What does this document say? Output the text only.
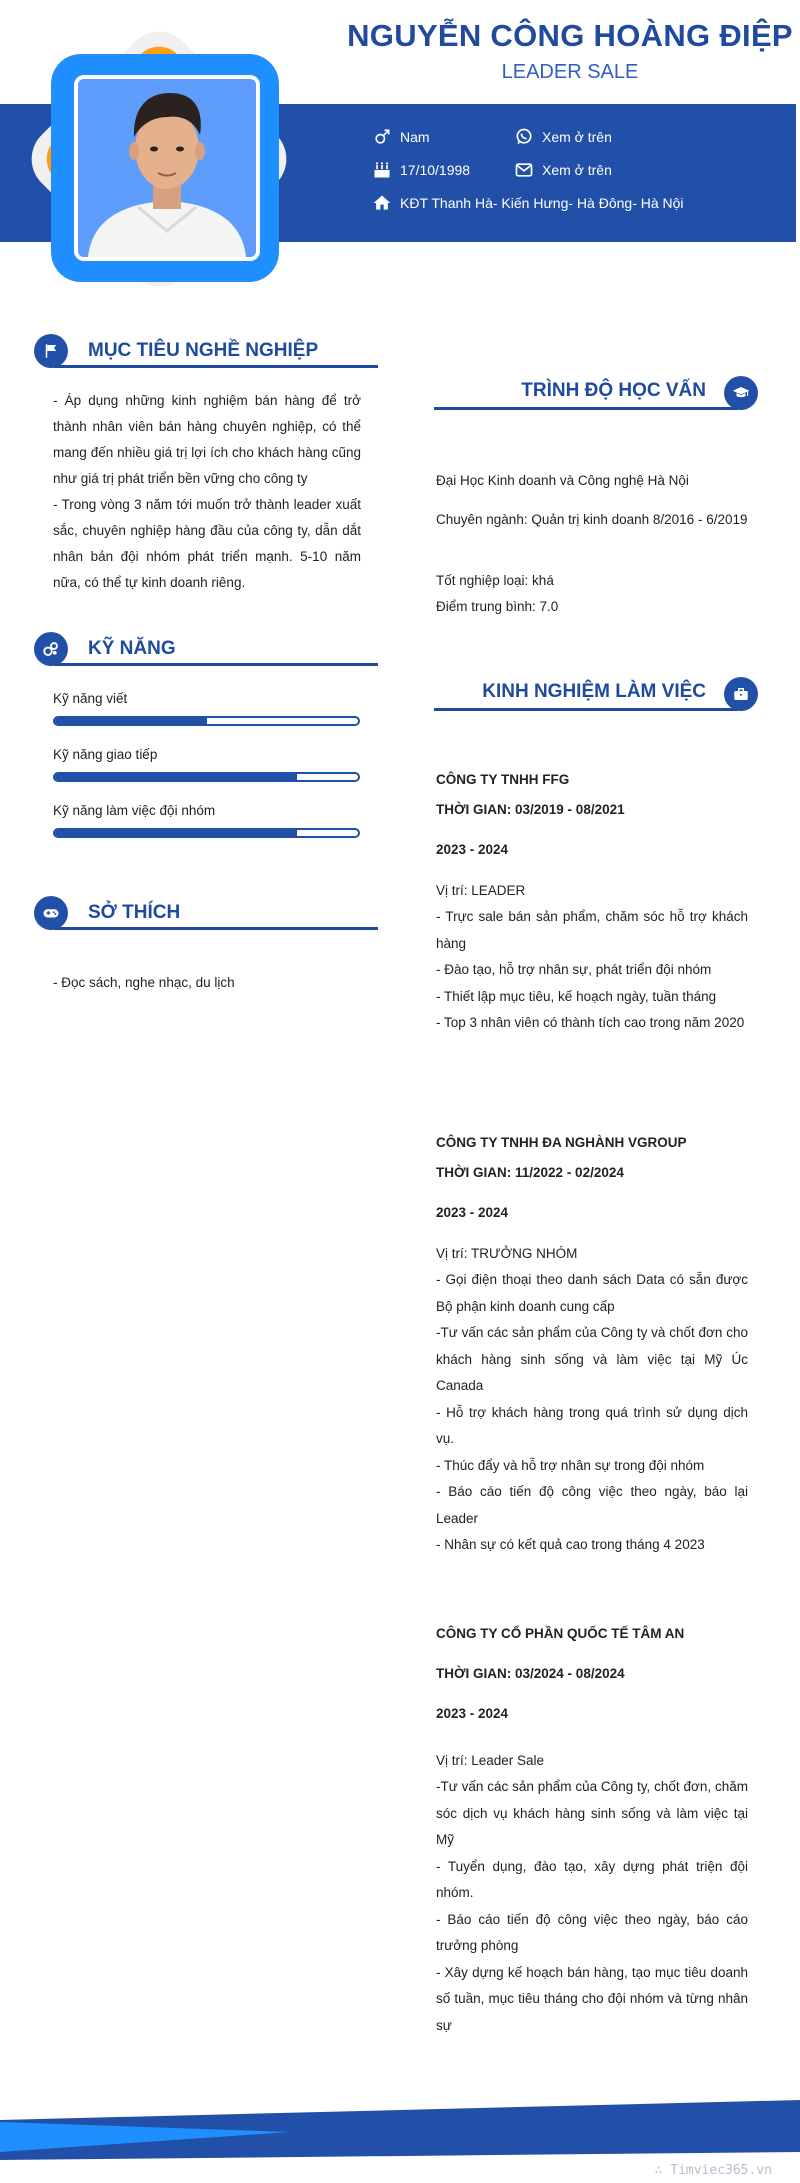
NGUYỄN CÔNG HOÀNG ĐIỆP
LEADER SALE
Nam	Xem ở trên
17/10/1998	Xem ở trên
KĐT Thanh Hà- Kiến Hưng- Hà Đông- Hà Nội
MỤC TIÊU NGHỀ NGHIỆP

- Áp dụng những kinh nghiệm bán hàng để trở thành nhân viên bán hàng chuyên nghiệp, có thể mang đến nhiều giá trị lợi ích cho khách hàng cũng như giá trị phát triển bền vững cho công ty

- Trong vòng 3 năm tới muốn trở thành leader xuất sắc, chuyên nghiệp hàng đầu của công ty, dẫn dắt nhân bản đội nhóm phát triển mạnh. 5-10 năm nữa, có thể tự kinh doanh riêng.

KỸ NĂNG
Kỹ năng viết
Kỹ năng giao tiếp
Kỹ năng làm việc đội nhóm
SỞ THÍCH
- Đọc sách, nghe nhạc, du lịch
TRÌNH ĐỘ HỌC VẤN
Đại Học Kinh doanh và Công nghệ Hà Nội
Chuyên ngành: Quản trị kinh doanh 8/2016 - 6/2019
Tốt nghiệp loại: khá
Điểm trung bình: 7.0
KINH NGHIỆM LÀM VIỆC
CÔNG TY TNHH FFG
THỜI GIAN: 03/2019 - 08/2021
2023 - 2024
Vị trí: LEADER

- Trực sale bán sản phẩm, chăm sóc hỗ trợ khách hàng

- Đào tạo, hỗ trợ nhân sự, phát triển đội nhóm

- Thiết lập mục tiêu, kế hoạch ngày, tuần tháng

- Top 3 nhân viên có thành tích cao trong năm 2020

CÔNG TY TNHH ĐA NGHÀNH VGROUP
THỜI GIAN: 11/2022 - 02/2024
2023 - 2024
Vị trí: TRƯỞNG NHÓM

- Gọi điện thoại theo danh sách Data có sẵn được Bộ phận kinh doanh cung cấp

-Tư vấn các sản phẩm của Công ty và chốt đơn cho khách hàng sinh sống và làm việc tại Mỹ Úc Canada

- Hỗ trợ khách hàng trong quá trình sử dụng dịch vụ.

- Thúc đẩy và hỗ trợ nhân sự trong đội nhóm

- Báo cáo tiến độ công việc theo ngày, báo lại Leader

- Nhân sự có kết quả cao trong tháng 4 2023

CÔNG TY CỔ PHẦN QUỐC TẾ TÂM AN
THỜI GIAN: 03/2024 - 08/2024
2023 - 2024
Vị trí: Leader Sale

-Tư vấn các sản phẩm của Công ty, chốt đơn, chăm sóc dịch vụ khách hàng sinh sống và làm việc tại Mỹ

- Tuyển dụng, đào tạo, xây dựng phát triện đội nhóm.

- Báo cáo tiến độ công việc theo ngày, báo cáo trưởng phòng

- Xây dựng kế hoạch bán hàng, tạo mục tiêu doanh số tuần, mục tiêu tháng cho đội nhóm và từng nhân sự

∴ Timviec365.vn
